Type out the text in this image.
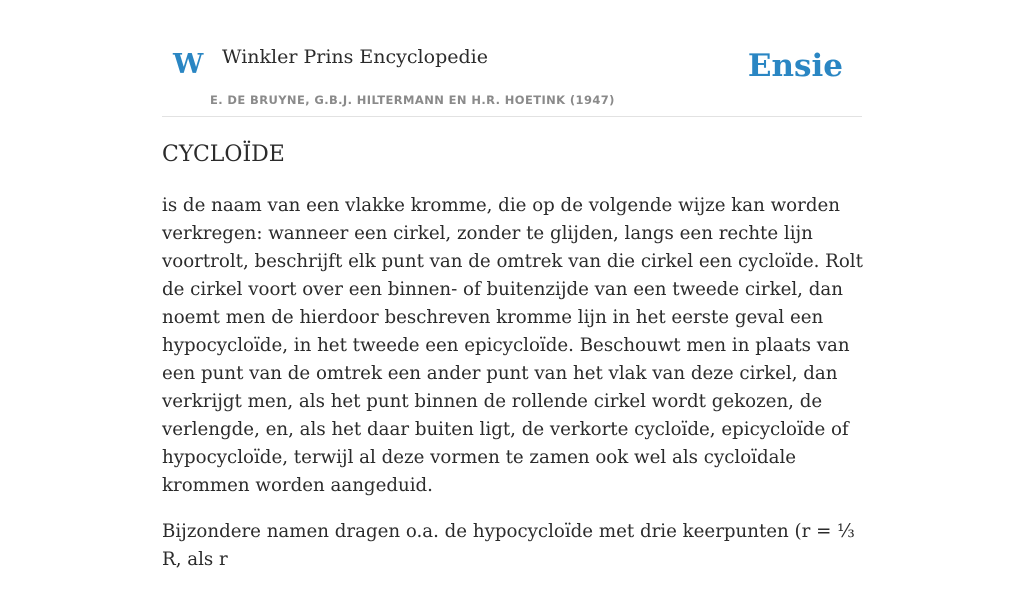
W Winkler Prins Encyclopedie
E. DE BRUYNE, G.B.J. HILTERMANN EN H.R. HOETINK (1947)
Ensie
CYCLOÏDE

is de naam van een vlakke kromme, die op de volgende wijze kan worden verkregen: wanneer een cirkel, zonder te glijden, langs een rechte lijn voortrolt, beschrijft elk punt van de omtrek van die cirkel een cycloïde. Rolt de cirkel voort over een binnen- of buitenzijde van een tweede cirkel, dan noemt men de hierdoor beschreven kromme lijn in het eerste geval een hypocycloïde, in het tweede een epicycloïde. Beschouwt men in plaats van een punt van de omtrek een ander punt van het vlak van deze cirkel, dan verkrijgt men, als het punt binnen de rollende cirkel wordt gekozen, de verlengde, en, als het daar buiten ligt, de verkorte cycloïde, epicycloïde of hypocycloïde, terwijl al deze vormen te zamen ook wel als cycloïdale krommen worden aangeduid.

Bijzondere namen dragen o.a. de hypocycloïde met drie keerpunten (r = ⅓ R, als r
